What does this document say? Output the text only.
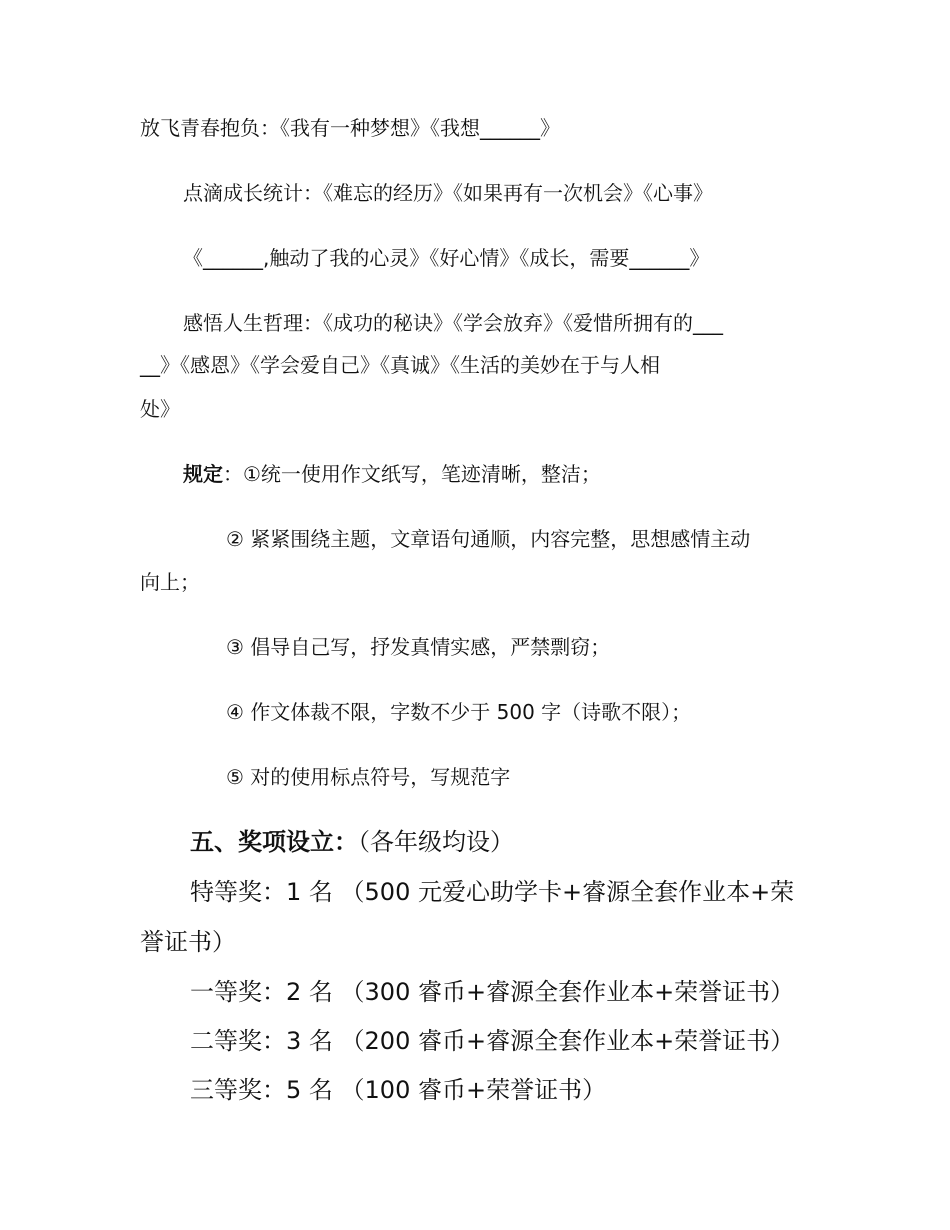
放飞青春抱负：《我有一种梦想》《我想______》
点滴成长统计：《难忘的经历》《如果再有一次机会》《心事》
《______,触动了我的心灵》《好心情》《成长，需要______》
感悟人生哲理：《成功的秘诀》《学会放弃》《爱惜所拥有的___
__》《感恩》《学会爱自己》《真诚》《生活的美妙在于与人相
处》
规定：①统一使用作文纸写，笔迹清晰，整洁；
② 紧紧围绕主题，文章语句通顺，内容完整，思想感情主动
向上；
③ 倡导自己写，抒发真情实感，严禁剽窃；
④ 作文体裁不限，字数不少于 500 字（诗歌不限）；
⑤ 对的使用标点符号，写规范字
五、奖项设立：（各年级均设）
特等奖：1 名 （500 元爱心助学卡+睿源全套作业本+荣
誉证书）
一等奖：2 名 （300 睿币+睿源全套作业本+荣誉证书）
二等奖：3 名 （200 睿币+睿源全套作业本+荣誉证书）
三等奖：5 名 （100 睿币+荣誉证书）
